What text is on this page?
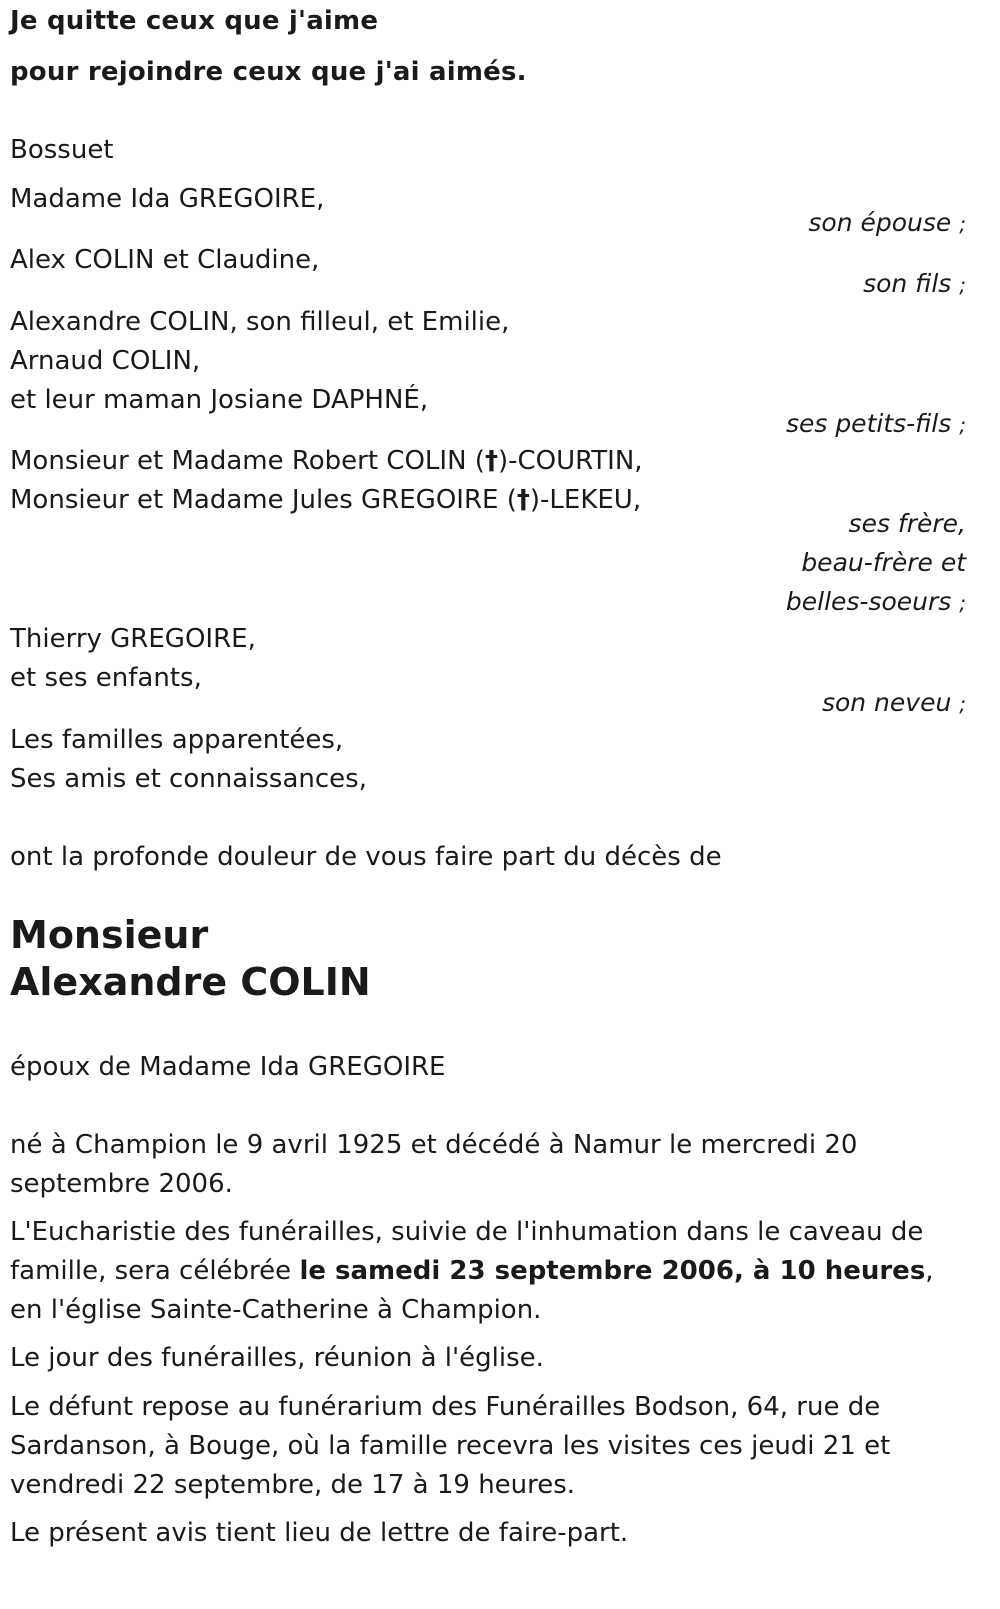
Je quitte ceux que j'aime
pour rejoindre ceux que j'ai aimés.
Bossuet
Madame Ida GREGOIRE,
son épouse ;
Alex COLIN et Claudine,
son fils ;
Alexandre COLIN, son filleul, et Emilie,
Arnaud COLIN,
et leur maman Josiane DAPHNÉ,
ses petits-fils ;
Monsieur et Madame Robert COLIN (†)-COURTIN,
Monsieur et Madame Jules GREGOIRE (†)-LEKEU,
ses frère,
beau-frère et
belles-soeurs ;
Thierry GREGOIRE,
et ses enfants,
son neveu ;
Les familles apparentées,
Ses amis et connaissances,
ont la profonde douleur de vous faire part du décès de
Monsieur
Alexandre COLIN
époux de Madame Ida GREGOIRE
né à Champion le 9 avril 1925 et décédé à Namur le mercredi 20 septembre 2006.
L'Eucharistie des funérailles, suivie de l'inhumation dans le caveau de famille, sera célébrée le samedi 23 septembre 2006, à 10 heures, en l'église Sainte-Catherine à Champion.
Le jour des funérailles, réunion à l'église.
Le défunt repose au funérarium des Funérailles Bodson, 64, rue de Sardanson, à Bouge, où la famille recevra les visites ces jeudi 21 et vendredi 22 septembre, de 17 à 19 heures.
Le présent avis tient lieu de lettre de faire-part.
